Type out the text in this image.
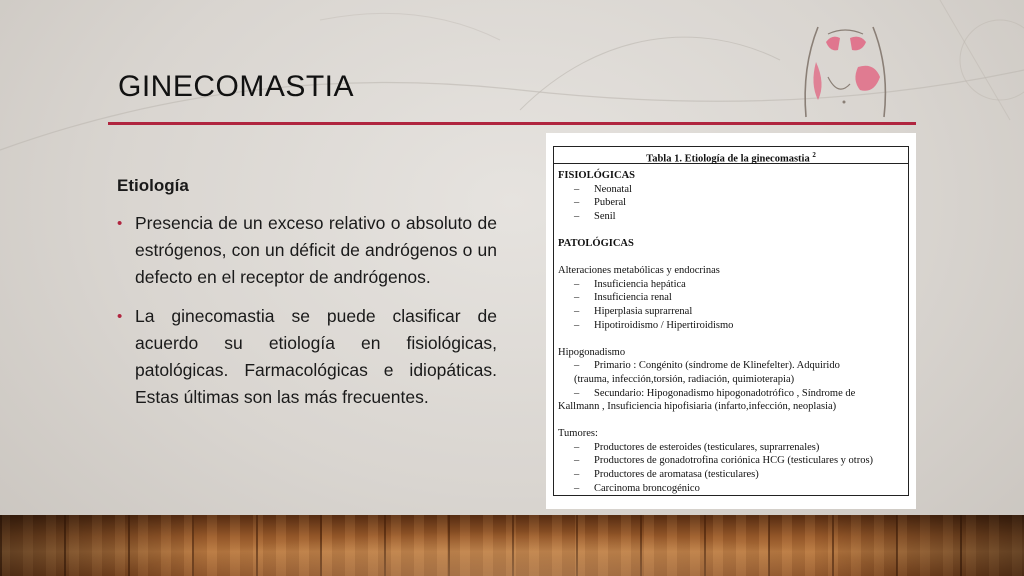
GINECOMASTIA
Etiología
• Presencia de un exceso relativo o absoluto de estrógenos, con un déficit de andrógenos o un defecto en el receptor de andrógenos.
• La ginecomastia se puede clasificar de acuerdo su etiología en fisiológicas, patológicas. Farmacológicas e idiopáticas. Estas últimas son las más frecuentes.
Tabla 1. Etiología de la ginecomastia $^2$
FISIOLÓGICAS
– Neonatal
– Puberal
– Senil
PATOLÓGICAS
Alteraciones metabólicas y endocrinas
– Insuficiencia hepática
– Insuficiencia renal
– Hiperplasia suprarrenal
– Hipotiroidismo / Hipertiroidismo
Hipogonadismo
– Primario : Congénito (síndrome de Klinefelter). Adquirido
(trauma, infección,torsión, radiación, quimioterapia)
– Secundario: Hipogonadismo hipogonadotrófico , Síndrome de
Kallmann , Insuficiencia hipofisiaria (infarto,infección, neoplasia)
Tumores:
– Productores de esteroides (testiculares, suprarrenales)
– Productores de gonadotrofina coriónica HCG (testiculares y otros)
– Productores de aromatasa (testiculares)
– Carcinoma broncogénico
